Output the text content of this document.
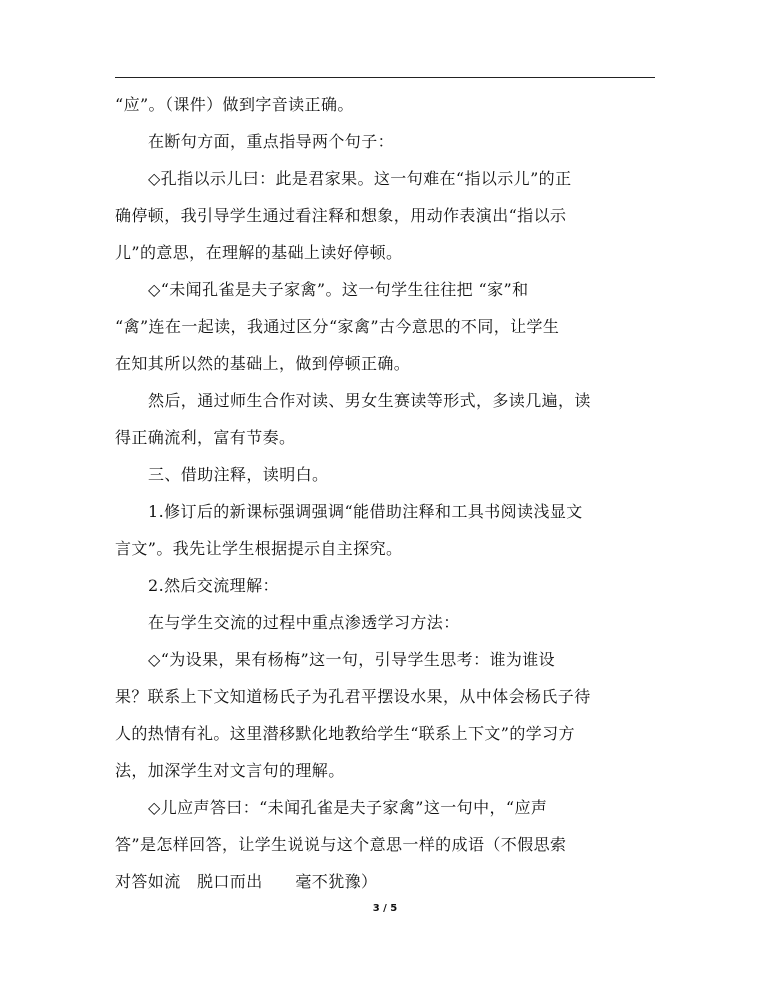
“应”。（课件）做到字音读正确。
在断句方面，重点指导两个句子：
◇孔指以示儿曰：此是君家果。这一句难在“指以示儿”的正
确停顿，我引导学生通过看注释和想象，用动作表演出“指以示
儿”的意思，在理解的基础上读好停顿。
◇“未闻孔雀是夫子家禽”。这一句学生往往把 “家”和
“禽”连在一起读，我通过区分“家禽”古今意思的不同，让学生
在知其所以然的基础上，做到停顿正确。
然后，通过师生合作对读、男女生赛读等形式，多读几遍，读
得正确流利，富有节奏。
三、借助注释，读明白。
1.修订后的新课标强调强调“能借助注释和工具书阅读浅显文
言文”。我先让学生根据提示自主探究。
2.然后交流理解：
在与学生交流的过程中重点渗透学习方法：
◇“为设果，果有杨梅”这一句，引导学生思考：谁为谁设
果？联系上下文知道杨氏子为孔君平摆设水果，从中体会杨氏子待
人的热情有礼。这里潜移默化地教给学生“联系上下文”的学习方
法，加深学生对文言句的理解。
◇儿应声答曰：“未闻孔雀是夫子家禽”这一句中，“应声
答”是怎样回答，让学生说说与这个意思一样的成语（不假思索
对答如流　脱口而出　　毫不犹豫）
3 / 5
